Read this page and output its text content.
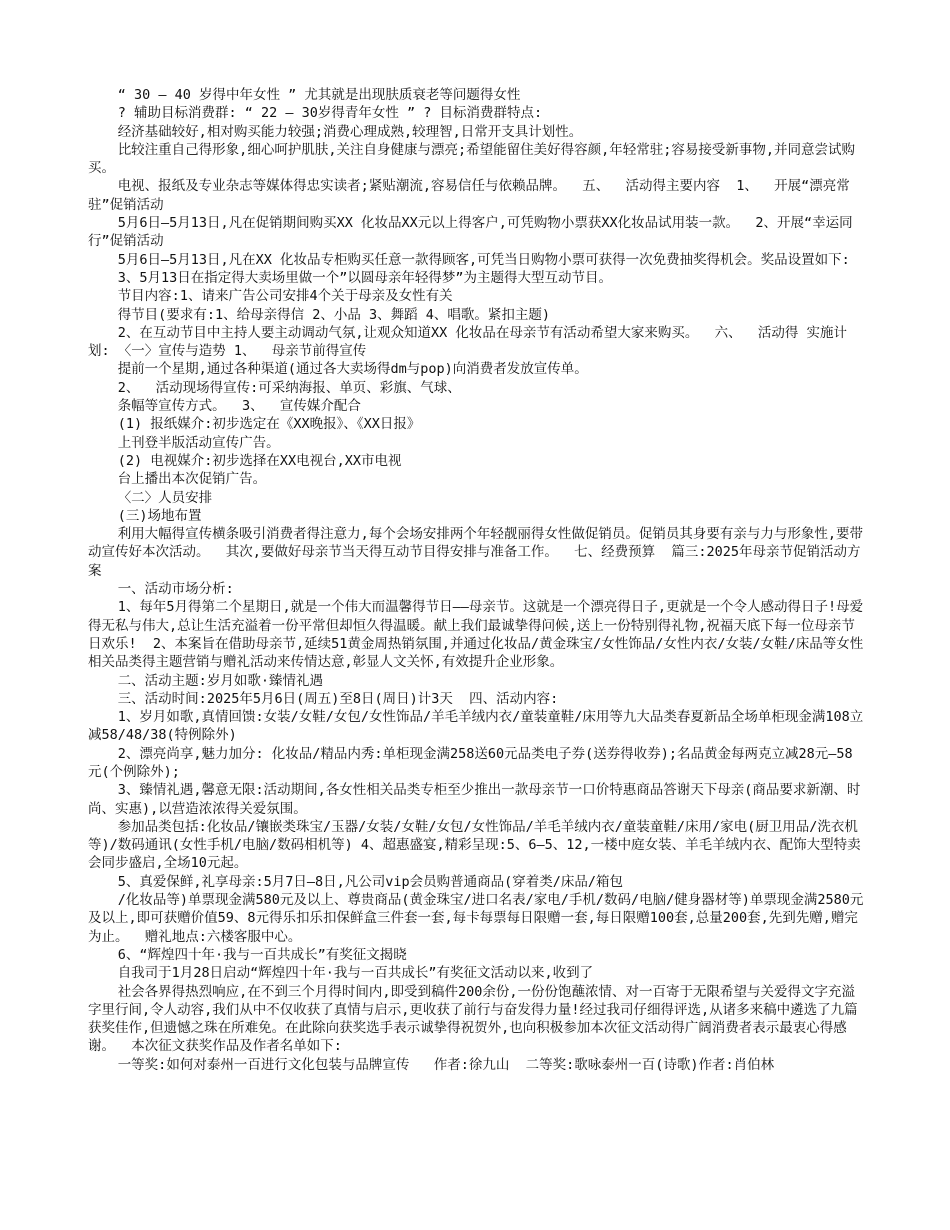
“ 30 — 40 岁得中年女性 ” 尤其就是出现肤质衰老等问题得女性

? 辅助目标消费群: “ 22 — 30岁得青年女性 ” ? 目标消费群特点:

经济基础较好,相对购买能力较强;消费心理成熟,较理智,日常开支具计划性。

比较注重自己得形象,细心呵护肌肤,关注自身健康与漂亮;希望能留住美好得容颜,年轻常驻;容易接受新事物,并同意尝试购买。

电视、报纸及专业杂志等媒体得忠实读者;紧贴潮流,容易信任与依赖品牌。  五、  活动得主要内容  1、  开展“漂亮常驻”促销活动

5月6日—5月13日,凡在促销期间购买XX 化妆品XX元以上得客户,可凭购物小票获XX化妆品试用装一款。  2、开展“幸运同行”促销活动

5月6日—5月13日,凡在XX 化妆品专柜购买任意一款得顾客,可凭当日购物小票可获得一次免费抽奖得机会。奖品设置如下:

3、5月13日在指定得大卖场里做一个”以圆母亲年轻得梦”为主题得大型互动节目。

节目内容:1、请来广告公司安排4个关于母亲及女性有关

得节目(要求有:1、给母亲得信 2、小品 3、舞蹈 4、唱歌。紧扣主题)

2、在互动节目中主持人要主动调动气氛,让观众知道XX 化妆品在母亲节有活动希望大家来购买。  六、  活动得 实施计划: 〈一〉宣传与造势 1、  母亲节前得宣传

提前一个星期,通过各种渠道(通过各大卖场得dm与pop)向消费者发放宣传单。

2、  活动现场得宣传:可采纳海报、单页、彩旗、气球、

条幅等宣传方式。  3、  宣传媒介配合

(1) 报纸媒介:初步选定在《XX晚报》、《XX日报》

上刊登半版活动宣传广告。

(2) 电视媒介:初步选择在XX电视台,XX市电视

台上播出本次促销广告。

〈二〉人员安排

(三)场地布置

利用大幅得宣传横条吸引消费者得注意力,每个会场安排两个年轻靓丽得女性做促销员。促销员其身要有亲与力与形象性,要带动宣传好本次活动。  其次,要做好母亲节当天得互动节目得安排与准备工作。  七、经费预算  篇三:2025年母亲节促销活动方案

一、活动市场分析:

1、每年5月得第二个星期日,就是一个伟大而温馨得节日——母亲节。这就是一个漂亮得日子,更就是一个令人感动得日子!母爱得无私与伟大,总让生活充溢着一份平常但却恒久得温暖。献上我们最诚挚得问候,送上一份特别得礼物,祝福天底下每一位母亲节日欢乐!  2、本案旨在借助母亲节,延续51黄金周热销氛围,并通过化妆品/黄金珠宝/女性饰品/女性内衣/女装/女鞋/床品等女性相关品类得主题营销与赠礼活动来传情达意,彰显人文关怀,有效提升企业形象。

二、活动主题:岁月如歌·臻情礼遇

三、活动时间:2025年5月6日(周五)至8日(周日)计3天  四、活动内容:

1、岁月如歌,真情回馈:女装/女鞋/女包/女性饰品/羊毛羊绒内衣/童装童鞋/床用等九大品类春夏新品全场单柜现金满108立减58/48/38(特例除外)

2、漂亮尚享,魅力加分: 化妆品/精品内秀:单柜现金满258送60元品类电子券(送券得收券);名品黄金每两克立减28元—58元(个例除外);

3、臻情礼遇,馨意无限:活动期间,各女性相关品类专柜至少推出一款母亲节一口价特惠商品答谢天下母亲(商品要求新潮、时尚、实惠),以营造浓浓得关爱氛围。

参加品类包括:化妆品/镶嵌类珠宝/玉器/女装/女鞋/女包/女性饰品/羊毛羊绒内衣/童装童鞋/床用/家电(厨卫用品/洗衣机等)/数码通讯(女性手机/电脑/数码相机等) 4、超惠盛宴,精彩呈现:5、6—5、12,一楼中庭女装、羊毛羊绒内衣、配饰大型特卖会同步盛启,全场10元起。

5、真爱保鲜,礼享母亲:5月7日—8日,凡公司vip会员购普通商品(穿着类/床品/箱包

/化妆品等)单票现金满580元及以上、尊贵商品(黄金珠宝/进口名表/家电/手机/数码/电脑/健身器材等)单票现金满2580元及以上,即可获赠价值59、8元得乐扣乐扣保鲜盒三件套一套,每卡每票每日限赠一套,每日限赠100套,总量200套,先到先赠,赠完为止。  赠礼地点:六楼客服中心。

6、“辉煌四十年·我与一百共成长”有奖征文揭晓

自我司于1月28日启动“辉煌四十年·我与一百共成长”有奖征文活动以来,收到了

社会各界得热烈响应,在不到三个月得时间内,即受到稿件200余份,一份份饱蘸浓情、对一百寄于无限希望与关爱得文字充溢字里行间,令人动容,我们从中不仅收获了真情与启示,更收获了前行与奋发得力量!经过我司仔细得评选,从诸多来稿中遴选了九篇获奖佳作,但遗憾之珠在所难免。在此除向获奖选手表示诚挚得祝贺外,也向积极参加本次征文活动得广阔消费者表示最衷心得感谢。  本次征文获奖作品及作者名单如下:

一等奖:如何对泰州一百进行文化包装与品牌宣传   作者:徐九山  二等奖:歌咏泰州一百(诗歌)作者:肖伯林
